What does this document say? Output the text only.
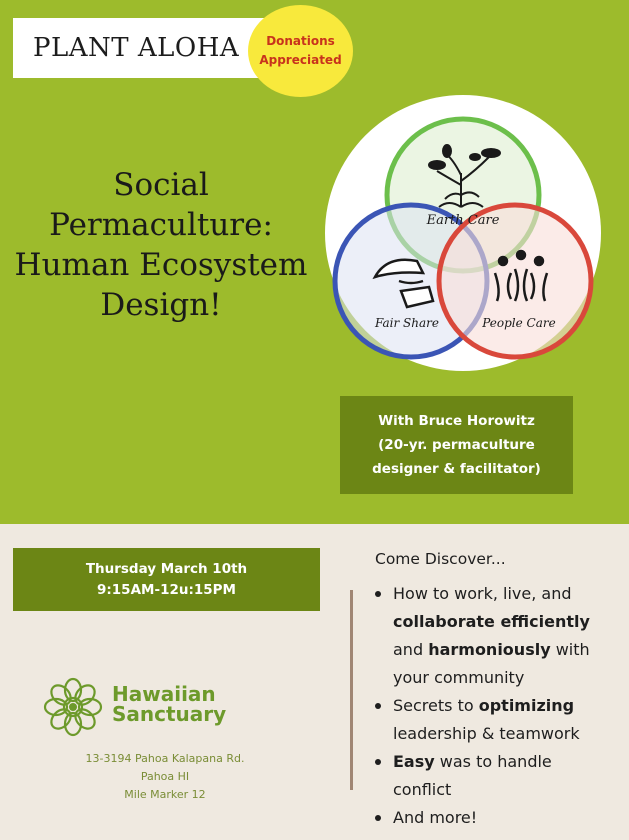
PLANT ALOHA	Donations
Appreciated
Social
Permaculture:
Human Ecosystem
Design!
Earth Care
Fair Share	People Care
With Bruce Horowitz
(20-yr. permaculture
designer & facilitator)
Thursday March 10th
9:15AM-12u:15PM
Hawaiian
Sanctuary
13-3194 Pahoa Kalapana Rd.
Pahoa HI
Mile Marker 12
Come Discover...
How to work, live, and collaborate efficiently and harmoniously with your community
Secrets to optimizing leadership & teamwork
Easy was to handle conflict
And more!
